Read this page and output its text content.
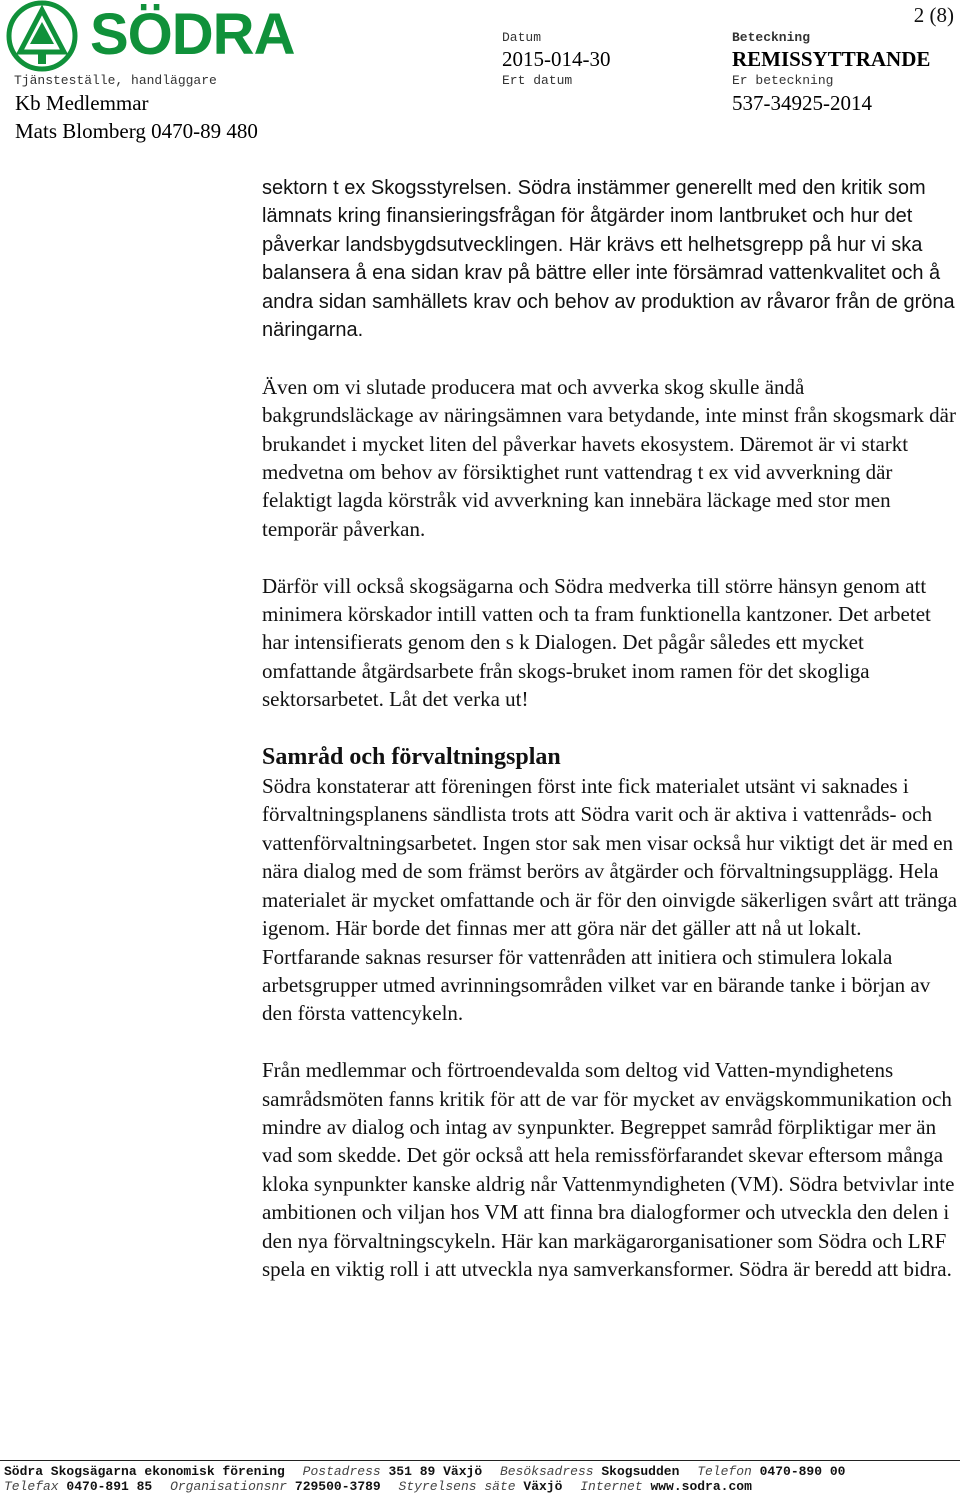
SÖDRA	2 (8)
Tjänsteställe, handläggare
Kb Medlemmar
Mats Blomberg 0470-89 480
Datum
2015-014-30
Ert datum
Beteckning
REMISSYTTRANDE
Er beteckning
537-34925-2014

sektorn t ex Skogsstyrelsen. Södra instämmer generellt med den kritik som lämnats kring finansieringsfrågan för åtgärder inom lantbruket och hur det påverkar landsbygdsutvecklingen. Här krävs ett helhetsgrepp på hur vi ska balansera å ena sidan krav på bättre eller inte försämrad vattenkvalitet och å andra sidan samhällets krav och behov av produktion av råvaror från de gröna näringarna.

Även om vi slutade producera mat och avverka skog skulle ändå bakgrundsläckage av näringsämnen vara betydande, inte minst från skogsmark där brukandet i mycket liten del påverkar havets ekosystem. Däremot är vi starkt medvetna om behov av försiktighet runt vattendrag t ex vid avverkning där felaktigt lagda körstråk vid avverkning kan innebära läckage med stor men temporär påverkan.

Därför vill också skogsägarna och Södra medverka till större hänsyn genom att minimera körskador intill vatten och ta fram funktionella kantzoner. Det arbetet har intensifierats genom den s k Dialogen. Det pågår således ett mycket omfattande åtgärdsarbete från skogs-bruket inom ramen för det skogliga sektorsarbetet. Låt det verka ut!

Samråd och förvaltningsplan

Södra konstaterar att föreningen först inte fick materialet utsänt vi saknades i förvaltningsplanens sändlista trots att Södra varit och är aktiva i vattenråds- och vattenförvaltningsarbetet. Ingen stor sak men visar också hur viktigt det är med en nära dialog med de som främst berörs av åtgärder och förvaltningsupplägg. Hela materialet är mycket omfattande och är för den oinvigde säkerligen svårt att tränga igenom. Här borde det finnas mer att göra när det gäller att nå ut lokalt. Fortfarande saknas resurser för vattenråden att initiera och stimulera lokala arbetsgrupper utmed avrinningsområden vilket var en bärande tanke i början av den första vattencykeln.

Från medlemmar och förtroendevalda som deltog vid Vatten-myndighetens samrådsmöten fanns kritik för att de var för mycket av envägskommunikation och mindre av dialog och intag av synpunkter. Begreppet samråd förpliktigar mer än vad som skedde. Det gör också att hela remissförfarandet skevar eftersom många kloka synpunkter kanske aldrig når Vattenmyndigheten (VM). Södra betvivlar inte ambitionen och viljan hos VM att finna bra dialogformer och utveckla den delen i den nya förvaltningscykeln. Här kan markägarorganisationer som Södra och LRF spela en viktig roll i att utveckla nya samverkansformer. Södra är beredd att bidra.

Södra Skogsägarna ekonomisk förening Postadress 351 89 Växjö Besöksadress Skogsudden Telefon 0470-890 00
Telefax 0470-891 85 Organisationsnr 729500-3789 Styrelsens säte Växjö Internet www.sodra.com
